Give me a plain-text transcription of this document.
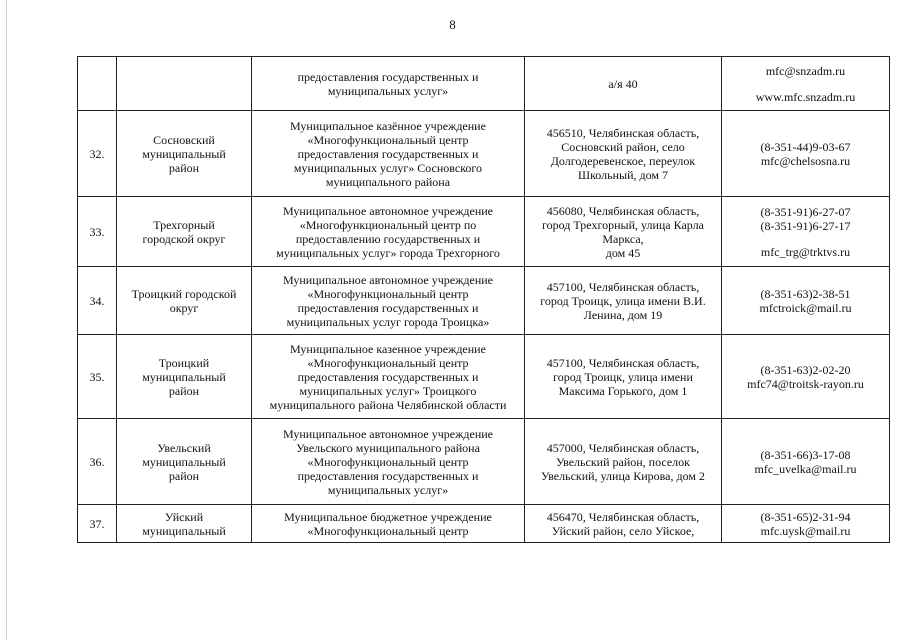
8

		предоставления государственных и
муниципальных услуг»	а/я 40	mfc@snzadm.ru
www.mfc.snzadm.ru

32.	Сосновский
муниципальный
район	Муниципальное казённое учреждение
«Многофункциональный центр
предоставления государственных и
муниципальных услуг» Сосновского
муниципального района	456510, Челябинская область,
Сосновский район, село
Долгодеревенское, переулок
Школьный, дом 7	(8-351-44)9-03-67
mfc@chelsosna.ru

33.	Трехгорный
городской округ	Муниципальное автономное учреждение
«Многофункциональный центр по
предоставлению государственных и
муниципальных услуг» города Трехгорного	456080, Челябинская область,
город Трехгорный, улица Карла
Маркса,
дом 45	(8-351-91)6-27-07
(8-351-91)6-27-17
mfc_trg@trktvs.ru

34.	Троицкий городской
округ	Муниципальное автономное учреждение
«Многофункциональный центр
предоставления государственных и
муниципальных услуг города Троицка»	457100, Челябинская область,
город Троицк, улица имени В.И.
Ленина, дом 19	(8-351-63)2-38-51
mfctroick@mail.ru

35.	Троицкий
муниципальный
район	Муниципальное казенное учреждение
«Многофункциональный центр
предоставления государственных и
муниципальных услуг» Троицкого
муниципального района Челябинской области	457100, Челябинская область,
город Троицк, улица имени
Максима Горького, дом 1	(8-351-63)2-02-20
mfc74@troitsk-rayon.ru

36.	Увельский
муниципальный
район	Муниципальное автономное учреждение
Увельского муниципального района
«Многофункциональный центр
предоставления государственных и
муниципальных услуг»	457000, Челябинская область,
Увельский район, поселок
Увельский, улица Кирова, дом 2	(8-351-66)3-17-08
mfc_uvelka@mail.ru

37.	Уйский
муниципальный	Муниципальное бюджетное учреждение
«Многофункциональный центр	456470, Челябинская область,
Уйский район, село Уйское,	(8-351-65)2-31-94
mfc.uysk@mail.ru
